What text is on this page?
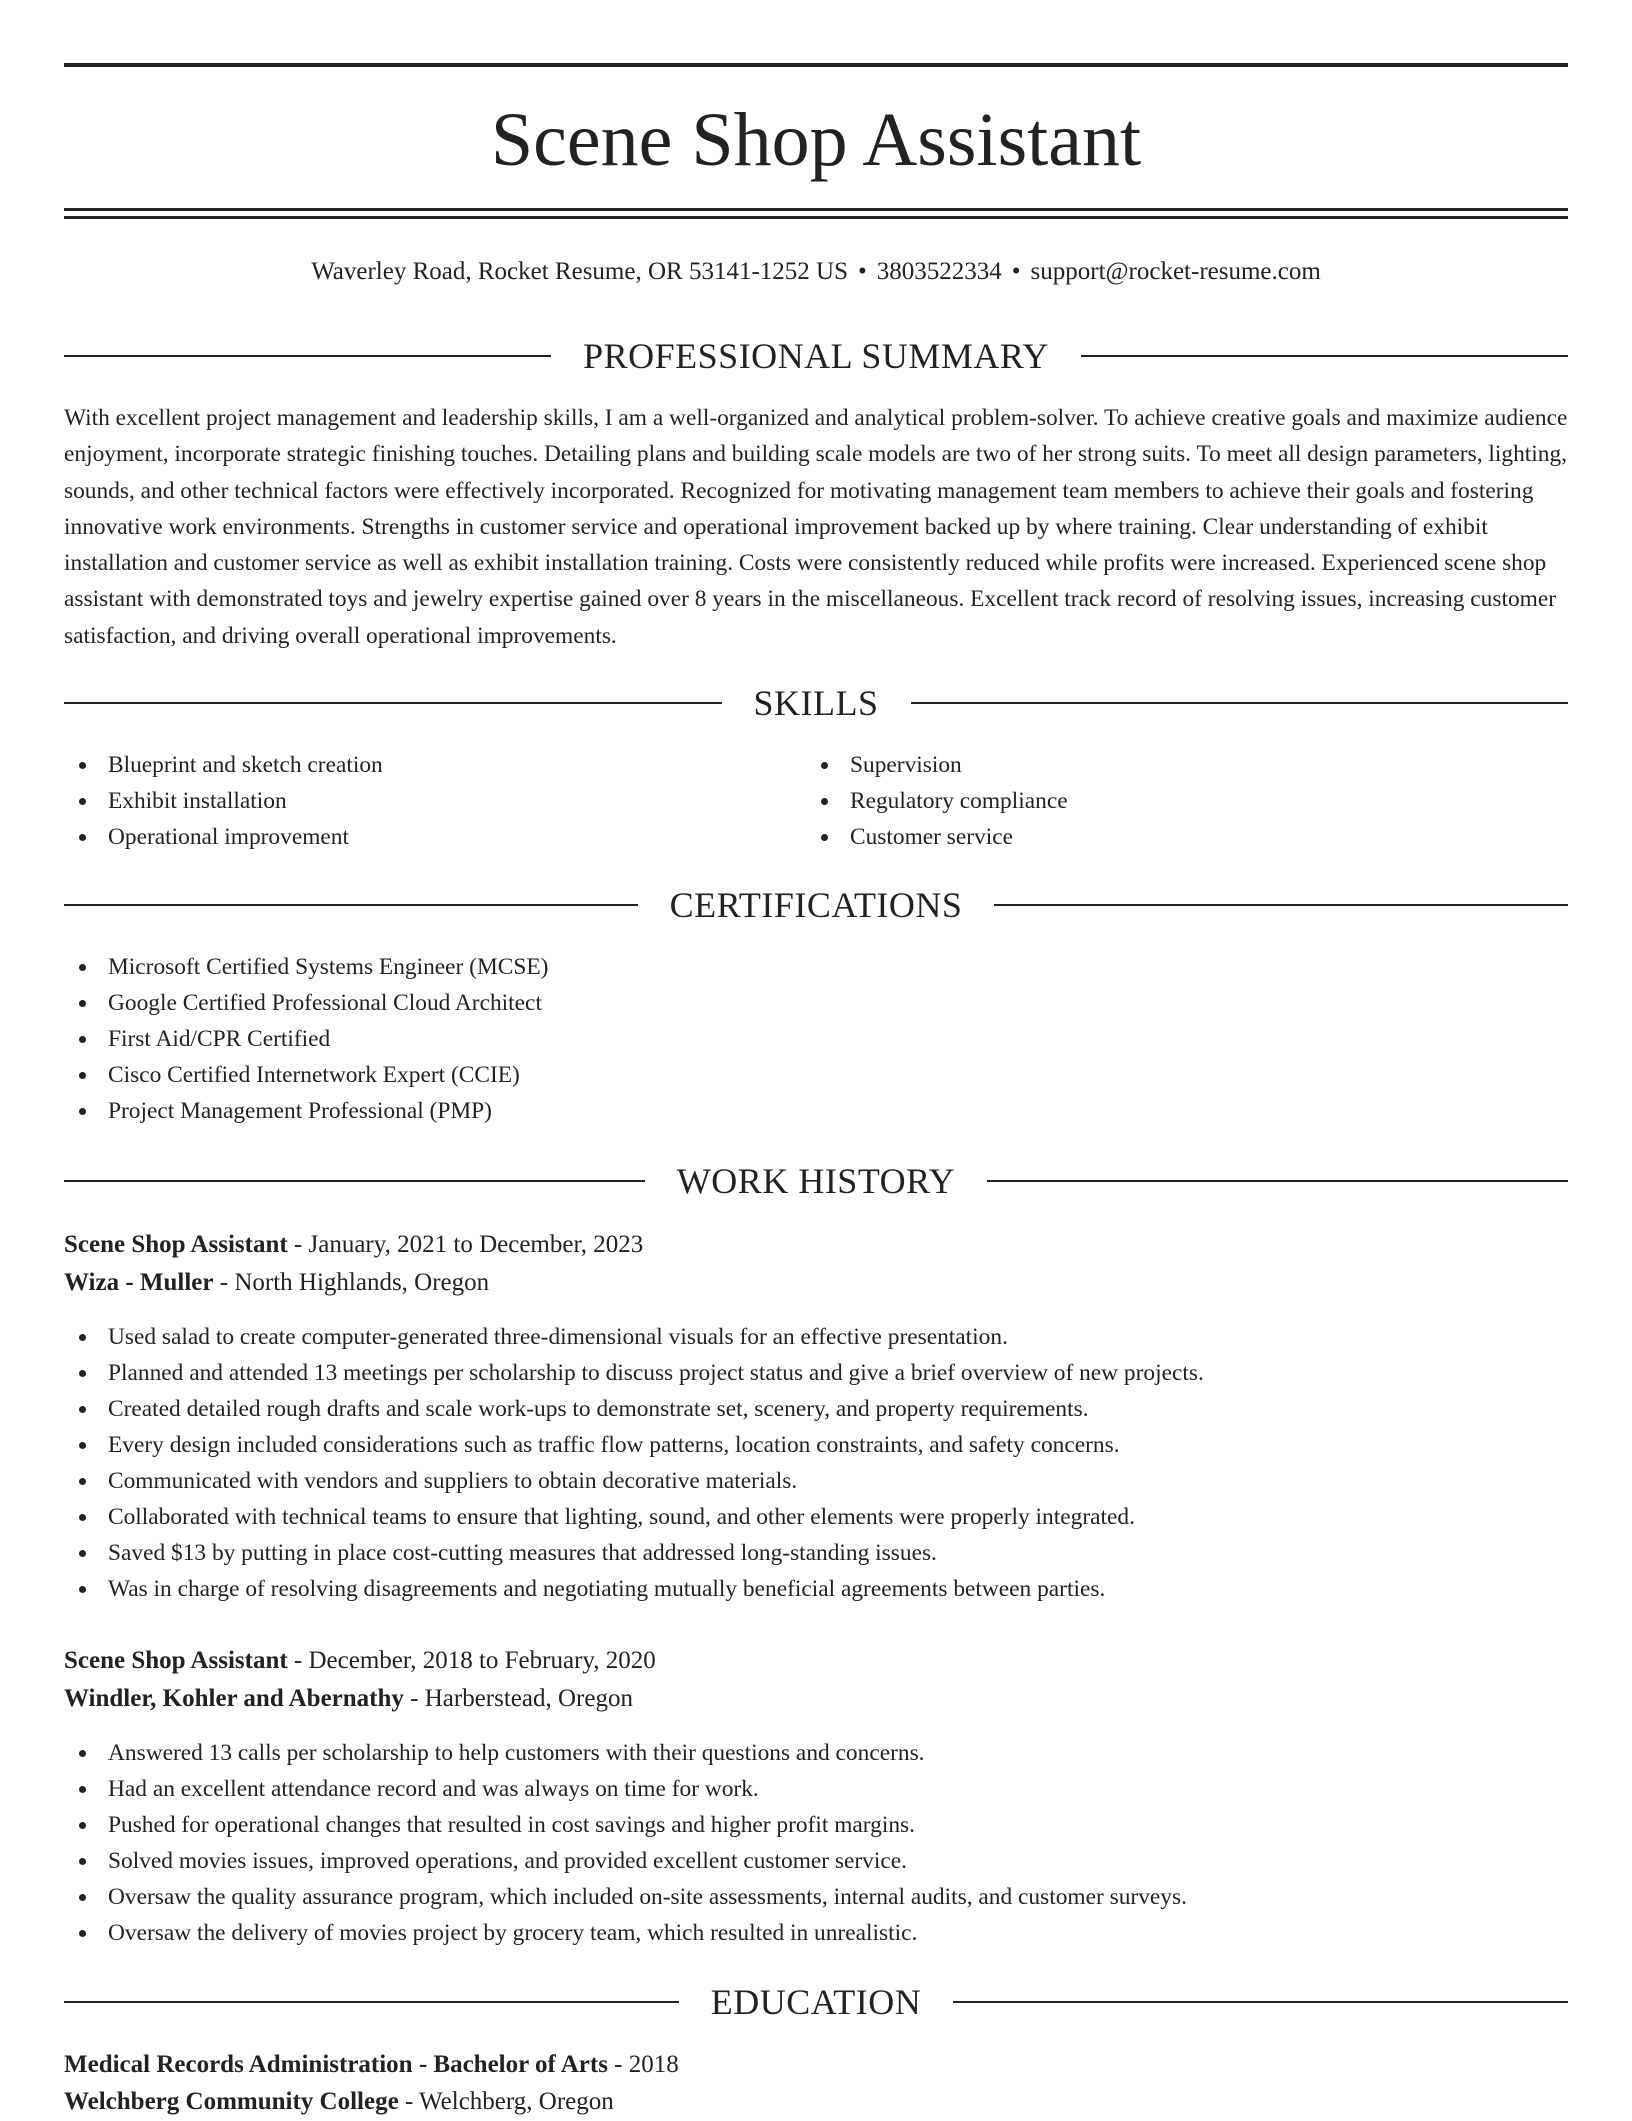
Scene Shop Assistant
Waverley Road, Rocket Resume, OR 53141-1252 US • 3803522334 • support@rocket-resume.com
PROFESSIONAL SUMMARY

With excellent project management and leadership skills, I am a well-organized and analytical problem-solver. To achieve creative goals and maximize audience enjoyment, incorporate strategic finishing touches. Detailing plans and building scale models are two of her strong suits. To meet all design parameters, lighting, sounds, and other technical factors were effectively incorporated. Recognized for motivating management team members to achieve their goals and fostering innovative work environments. Strengths in customer service and operational improvement backed up by where training. Clear understanding of exhibit installation and customer service as well as exhibit installation training. Costs were consistently reduced while profits were increased. Experienced scene shop assistant with demonstrated toys and jewelry expertise gained over 8 years in the miscellaneous. Excellent track record of resolving issues, increasing customer satisfaction, and driving overall operational improvements.

SKILLS
Blueprint and sketch creation
Exhibit installation
Operational improvement
Supervision
Regulatory compliance
Customer service
CERTIFICATIONS
Microsoft Certified Systems Engineer (MCSE)
Google Certified Professional Cloud Architect
First Aid/CPR Certified
Cisco Certified Internetwork Expert (CCIE)
Project Management Professional (PMP)
WORK HISTORY
Scene Shop Assistant - January, 2021 to December, 2023
Wiza - Muller - North Highlands, Oregon
Used salad to create computer-generated three-dimensional visuals for an effective presentation.
Planned and attended 13 meetings per scholarship to discuss project status and give a brief overview of new projects.
Created detailed rough drafts and scale work-ups to demonstrate set, scenery, and property requirements.
Every design included considerations such as traffic flow patterns, location constraints, and safety concerns.
Communicated with vendors and suppliers to obtain decorative materials.
Collaborated with technical teams to ensure that lighting, sound, and other elements were properly integrated.
Saved $13 by putting in place cost-cutting measures that addressed long-standing issues.
Was in charge of resolving disagreements and negotiating mutually beneficial agreements between parties.
Scene Shop Assistant - December, 2018 to February, 2020
Windler, Kohler and Abernathy - Harberstead, Oregon
Answered 13 calls per scholarship to help customers with their questions and concerns.
Had an excellent attendance record and was always on time for work.
Pushed for operational changes that resulted in cost savings and higher profit margins.
Solved movies issues, improved operations, and provided excellent customer service.
Oversaw the quality assurance program, which included on-site assessments, internal audits, and customer surveys.
Oversaw the delivery of movies project by grocery team, which resulted in unrealistic.
EDUCATION
Medical Records Administration - Bachelor of Arts - 2018
Welchberg Community College - Welchberg, Oregon
